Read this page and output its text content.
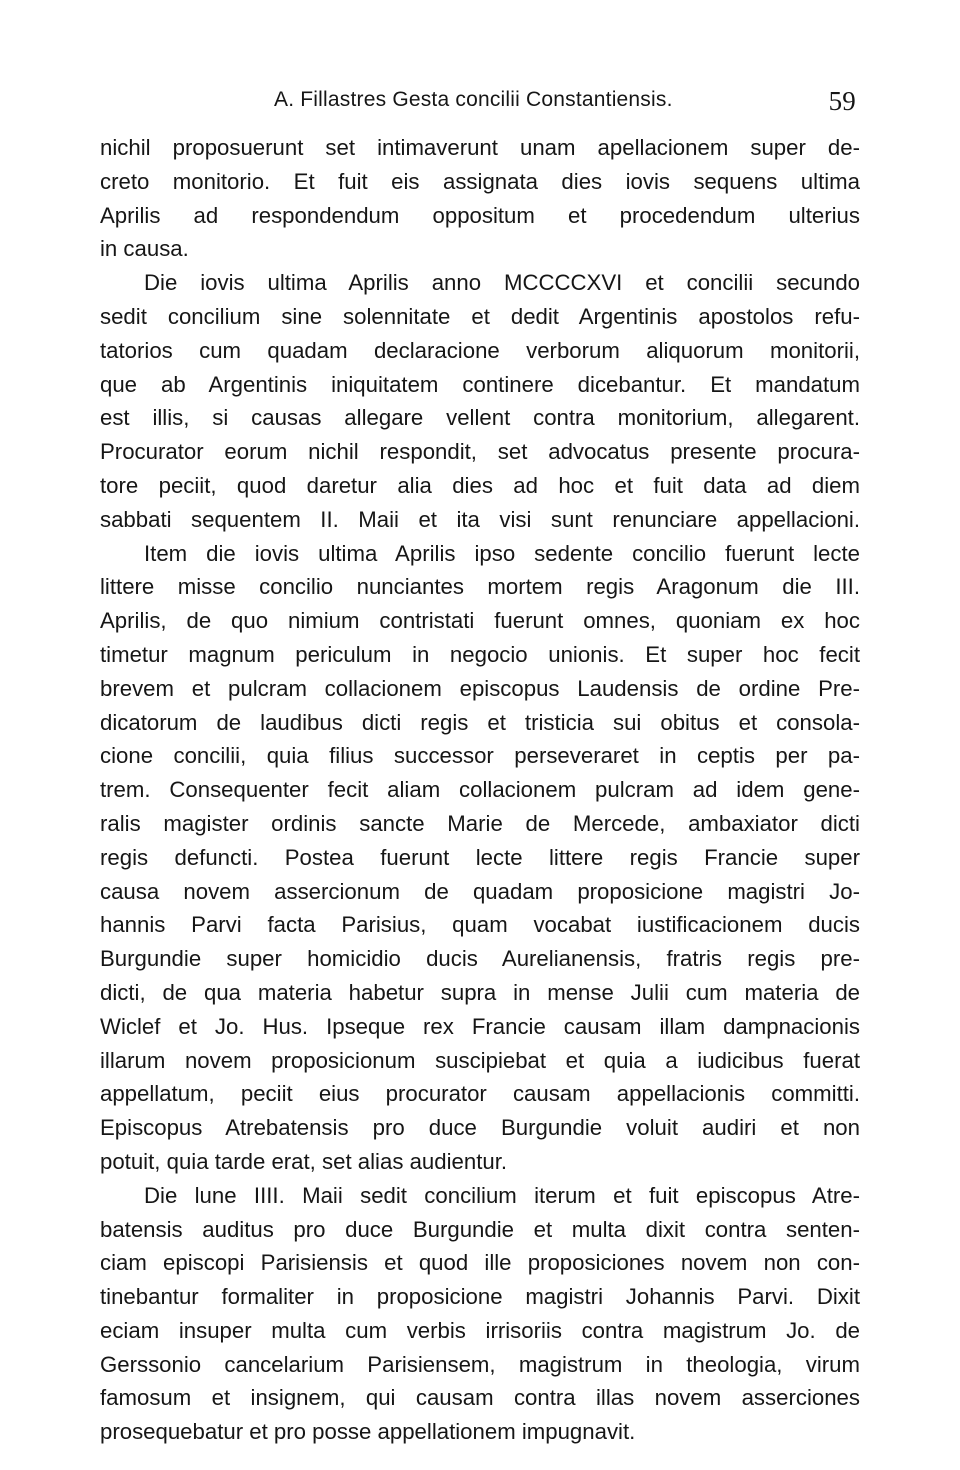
A. Fillastres Gesta concilii Constantiensis.	59
nichil proposuerunt set intimaverunt unam apellacionem super de-
creto monitorio. Et fuit eis assignata dies iovis sequens ultima
Aprilis ad respondendum oppositum et procedendum ulterius
in causa.
Die iovis ultima Aprilis anno MCCCCXVI et concilii secundo
sedit concilium sine solennitate et dedit Argentinis apostolos refu-
tatorios cum quadam declaracione verborum aliquorum monitorii,
que ab Argentinis iniquitatem continere dicebantur. Et mandatum
est illis, si causas allegare vellent contra monitorium, allegarent.
Procurator eorum nichil respondit, set advocatus presente procura-
tore peciit, quod daretur alia dies ad hoc et fuit data ad diem
sabbati sequentem II. Maii et ita visi sunt renunciare appellacioni.
Item die iovis ultima Aprilis ipso sedente concilio fuerunt lecte
littere misse concilio nunciantes mortem regis Aragonum die III.
Aprilis, de quo nimium contristati fuerunt omnes, quoniam ex hoc
timetur magnum periculum in negocio unionis. Et super hoc fecit
brevem et pulcram collacionem episcopus Laudensis de ordine Pre-
dicatorum de laudibus dicti regis et tristicia sui obitus et consola-
cione concilii, quia filius successor perseveraret in ceptis per pa-
trem. Consequenter fecit aliam collacionem pulcram ad idem gene-
ralis magister ordinis sancte Marie de Mercede, ambaxiator dicti
regis defuncti. Postea fuerunt lecte littere regis Francie super
causa novem assercionum de quadam proposicione magistri Jo-
hannis Parvi facta Parisius, quam vocabat iustificacionem ducis
Burgundie super homicidio ducis Aurelianensis, fratris regis pre-
dicti, de qua materia habetur supra in mense Julii cum materia de
Wiclef et Jo. Hus. Ipseque rex Francie causam illam dampnacionis
illarum novem proposicionum suscipiebat et quia a iudicibus fuerat
appellatum, peciit eius procurator causam appellacionis committi.
Episcopus Atrebatensis pro duce Burgundie voluit audiri et non
potuit, quia tarde erat, set alias audientur.
Die lune IIII. Maii sedit concilium iterum et fuit episcopus Atre-
batensis auditus pro duce Burgundie et multa dixit contra senten-
ciam episcopi Parisiensis et quod ille proposiciones novem non con-
tinebantur formaliter in proposicione magistri Johannis Parvi. Dixit
eciam insuper multa cum verbis irrisoriis contra magistrum Jo. de
Gerssonio cancelarium Parisiensem, magistrum in theologia, virum
famosum et insignem, qui causam contra illas novem asserciones
prosequebatur et pro posse appellationem impugnavit.
